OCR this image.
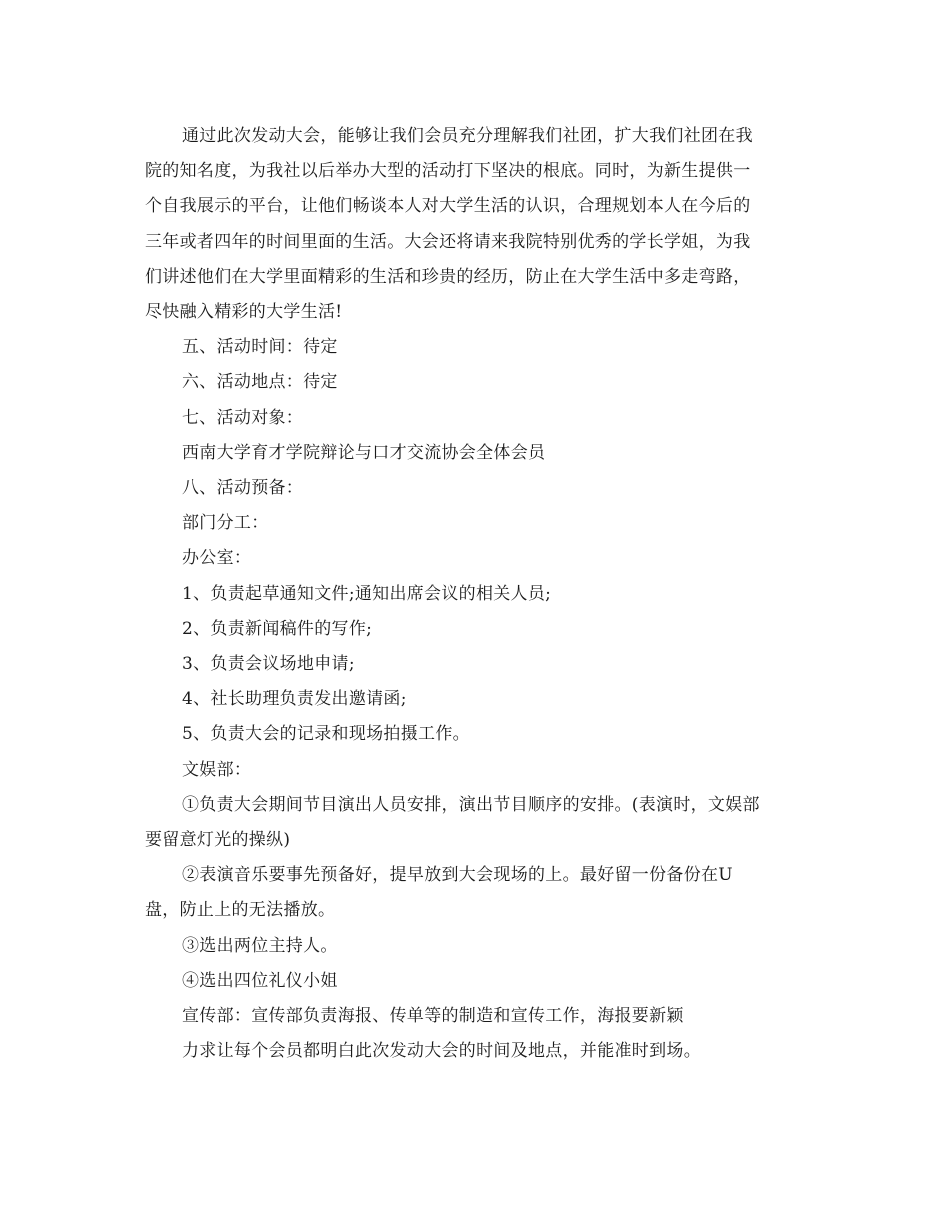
通过此次发动大会，能够让我们会员充分理解我们社团，扩大我们社团在我

院的知名度，为我社以后举办大型的活动打下坚决的根底。同时，为新生提供一

个自我展示的平台，让他们畅谈本人对大学生活的认识，合理规划本人在今后的

三年或者四年的时间里面的生活。大会还将请来我院特别优秀的学长学姐，为我

们讲述他们在大学里面精彩的生活和珍贵的经历，防止在大学生活中多走弯路，

尽快融入精彩的大学生活!

五、活动时间：待定

六、活动地点：待定

七、活动对象：

西南大学育才学院辩论与口才交流协会全体会员

八、活动预备：

部门分工：

办公室：

1、负责起草通知文件;通知出席会议的相关人员;

2、负责新闻稿件的写作;

3、负责会议场地申请;

4、社长助理负责发出邀请函;

5、负责大会的记录和现场拍摄工作。

文娱部：

①负责大会期间节目演出人员安排，演出节目顺序的安排。(表演时，文娱部

要留意灯光的操纵)

②表演音乐要事先预备好，提早放到大会现场的上。最好留一份备份在U

盘，防止上的无法播放。

③选出两位主持人。

④选出四位礼仪小姐

宣传部：宣传部负责海报、传单等的制造和宣传工作，海报要新颖

力求让每个会员都明白此次发动大会的时间及地点，并能准时到场。
